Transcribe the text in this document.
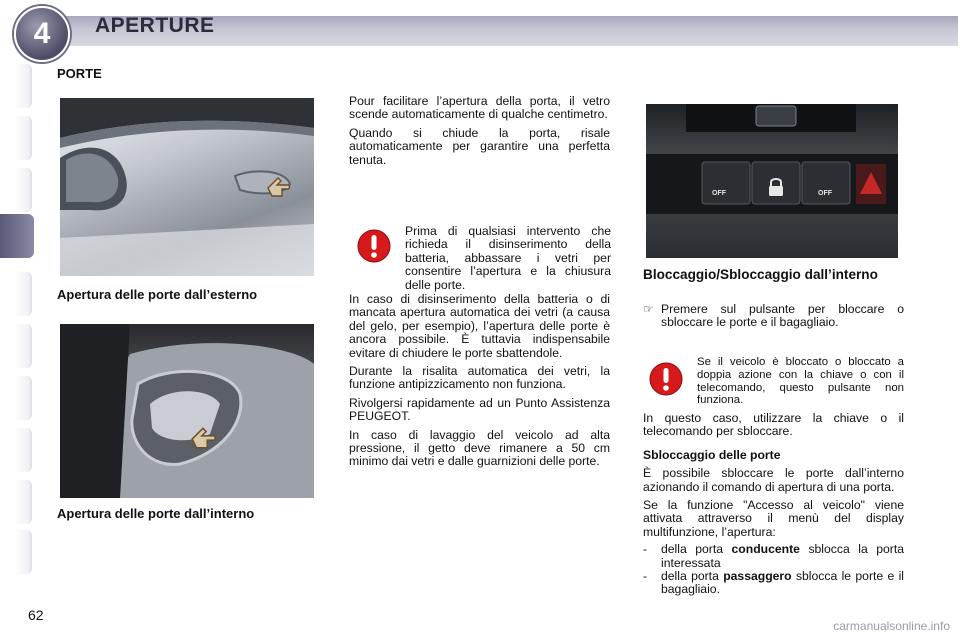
4 APERTURE
PORTE
Apertura delle porte dall’esterno
Apertura delle porte dall’interno

Pour facilitare l’apertura della porta, il vetro scende automaticamente di qualche centimetro.

Quando si chiude la porta, risale automaticamente per garantire una perfetta tenuta.

Prima di qualsiasi intervento che richieda il disinserimento della batteria, abbassare i vetri per consentire l’apertura e la chiusura delle porte.

In caso di disinserimento della batteria o di mancata apertura automatica dei vetri (a causa del gelo, per esempio), l’apertura delle porte è ancora possibile. È tuttavia indispensabile evitare di chiudere le porte sbattendole.

Durante la risalita automatica dei vetri, la funzione antipizzicamento non funziona.

Rivolgersi rapidamente ad un Punto Assistenza PEUGEOT.

In caso di lavaggio del veicolo ad alta pressione, il getto deve rimanere a 50 cm minimo dai vetri e dalle guarnizioni delle porte.

OFF	OFF
Bloccaggio/Sbloccaggio dall’interno
☞ Premere sul pulsante per bloccare o sbloccare le porte e il bagagliaio.
Se il veicolo è bloccato o bloccato a doppia azione con la chiave o con il telecomando, questo pulsante non funziona.

In questo caso, utilizzare la chiave o il telecomando per sbloccare.

Sbloccaggio delle porte

È possibile sbloccare le porte dall’interno azionando il comando di apertura di una porta.

Se la funzione "Accesso al veicolo" viene attivata attraverso il menù del display multifunzione, l’apertura:

-	della porta conducente sblocca la porta interessata
-	della porta passaggero sblocca le porte e il bagagliaio.
62
carmanualsonline.info
